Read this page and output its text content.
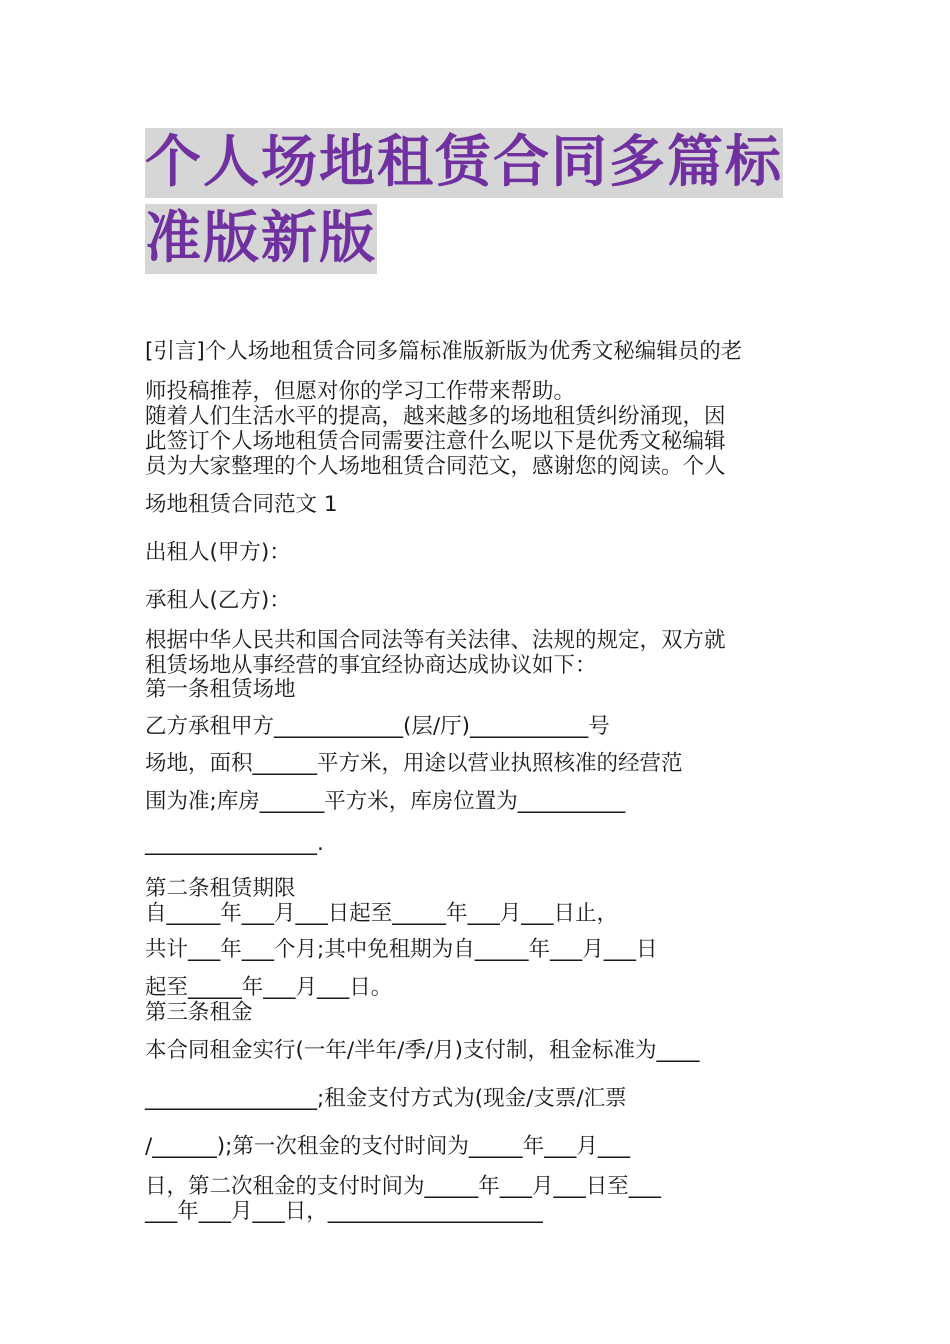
个人场地租赁合同多篇标
准版新版
[引言]个人场地租赁合同多篇标准版新版为优秀文秘编辑员的老
师投稿推荐，但愿对你的学习工作带来帮助。
随着人们生活水平的提高，越来越多的场地租赁纠纷涌现，因
此签订个人场地租赁合同需要注意什么呢以下是优秀文秘编辑
员为大家整理的个人场地租赁合同范文，感谢您的阅读。个人
场地租赁合同范文 1
出租人(甲方)：
承租人(乙方)：
根据中华人民共和国合同法等有关法律、法规的规定，双方就
租赁场地从事经营的事宜经协商达成协议如下：
第一条租赁场地
乙方承租甲方____________(层/厅)___________号
场地，面积______平方米，用途以营业执照核准的经营范
围为准;库房______平方米，库房位置为__________
________________.
第二条租赁期限
自_____年___月___日起至_____年___月___日止，
共计___年___个月;其中免租期为自_____年___月___日
起至_____年___月___日。
第三条租金
本合同租金实行(一年/半年/季/月)支付制，租金标准为____
________________;租金支付方式为(现金/支票/汇票
/______);第一次租金的支付时间为_____年___月___
日，第二次租金的支付时间为_____年___月___日至___
___年___月___日，____________________
